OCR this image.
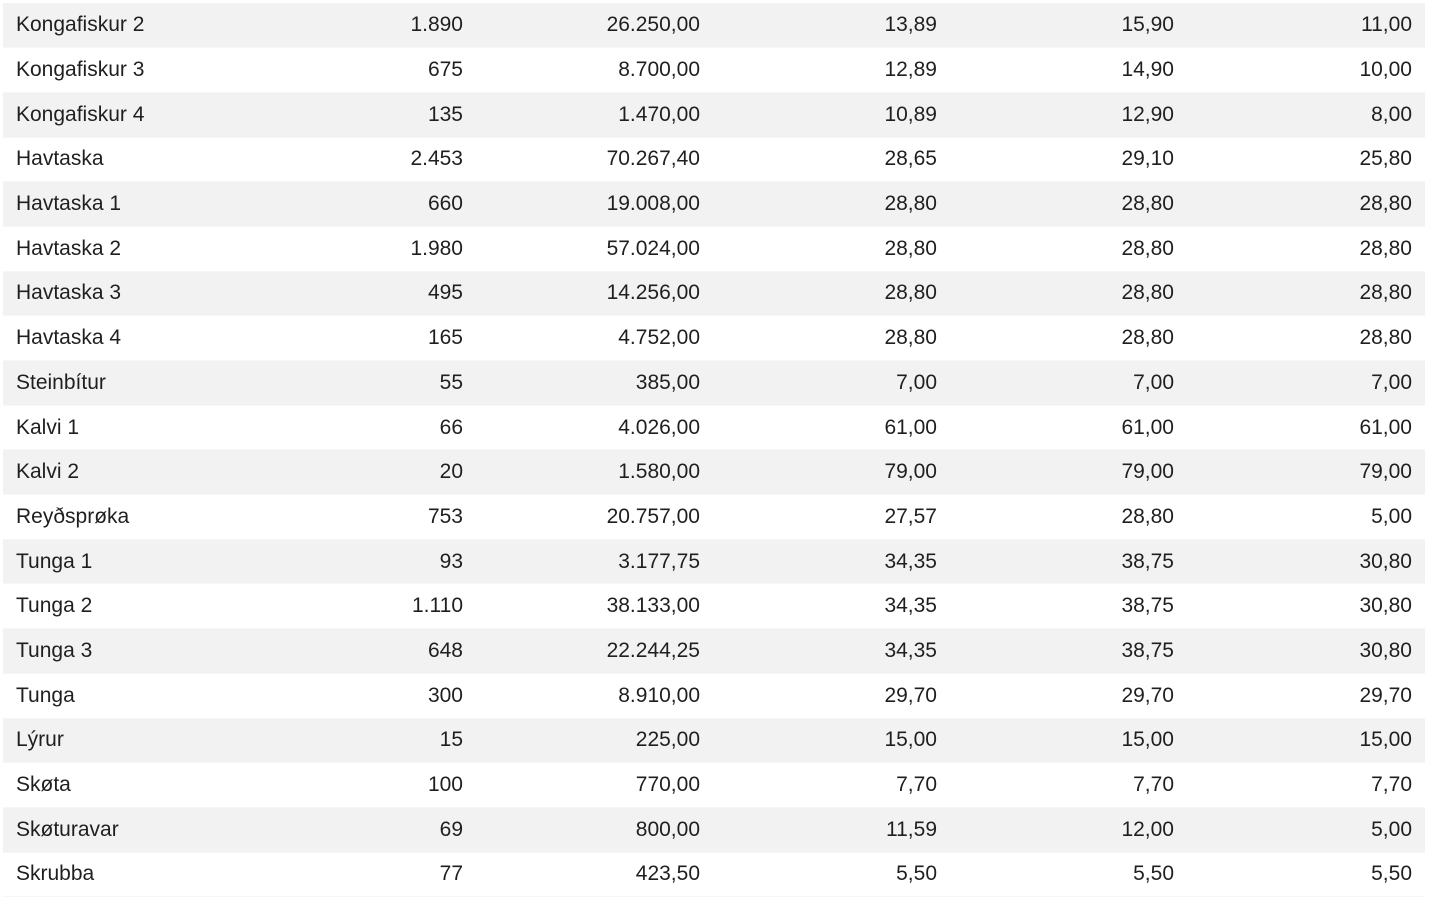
Kongafiskur 2	1.890	26.250,00	13,89	15,90	11,00
Kongafiskur 3	675	8.700,00	12,89	14,90	10,00
Kongafiskur 4	135	1.470,00	10,89	12,90	8,00
Havtaska	2.453	70.267,40	28,65	29,10	25,80
Havtaska 1	660	19.008,00	28,80	28,80	28,80
Havtaska 2	1.980	57.024,00	28,80	28,80	28,80
Havtaska 3	495	14.256,00	28,80	28,80	28,80
Havtaska 4	165	4.752,00	28,80	28,80	28,80
Steinbítur	55	385,00	7,00	7,00	7,00
Kalvi 1	66	4.026,00	61,00	61,00	61,00
Kalvi 2	20	1.580,00	79,00	79,00	79,00
Reyðsprøka	753	20.757,00	27,57	28,80	5,00
Tunga 1	93	3.177,75	34,35	38,75	30,80
Tunga 2	1.110	38.133,00	34,35	38,75	30,80
Tunga 3	648	22.244,25	34,35	38,75	30,80
Tunga	300	8.910,00	29,70	29,70	29,70
Lýrur	15	225,00	15,00	15,00	15,00
Skøta	100	770,00	7,70	7,70	7,70
Skøturavar	69	800,00	11,59	12,00	5,00
Skrubba	77	423,50	5,50	5,50	5,50
